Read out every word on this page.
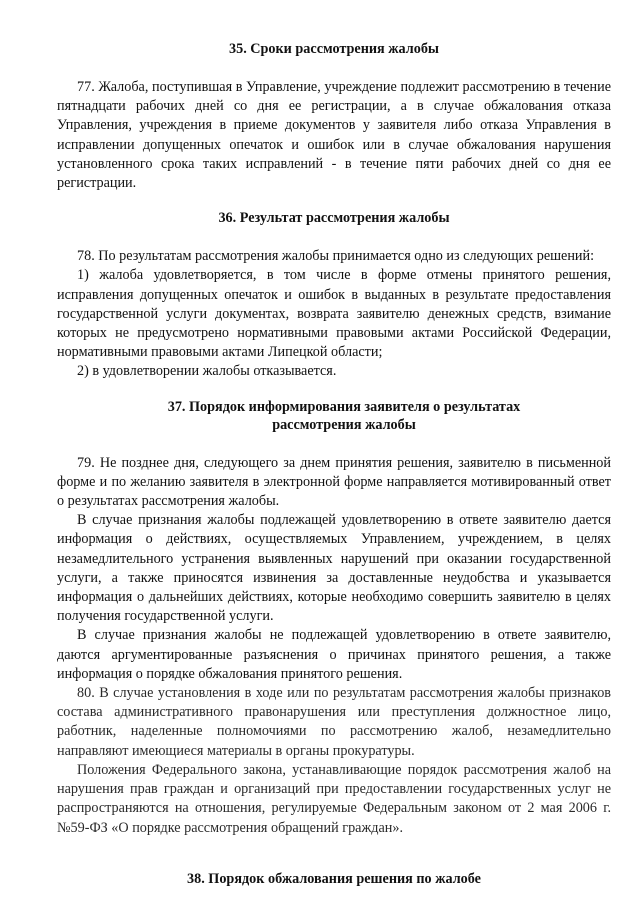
35. Сроки рассмотрения жалобы

77. Жалоба, поступившая в Управление, учреждение подлежит рассмотрению в течение пятнадцати рабочих дней со дня ее регистрации, а в случае обжалования отказа Управления, учреждения в приеме документов у заявителя либо отказа Управления в исправлении допущенных опечаток и ошибок или в случае обжалования нарушения установленного срока таких исправлений - в течение пяти рабочих дней со дня ее регистрации.

36. Результат рассмотрения жалобы

78. По результатам рассмотрения жалобы принимается одно из следующих решений:

1) жалоба удовлетворяется, в том числе в форме отмены принятого решения, исправления допущенных опечаток и ошибок в выданных в результате предоставления государственной услуги документах, возврата заявителю денежных средств, взимание которых не предусмотрено нормативными правовыми актами Российской Федерации, нормативными правовыми актами Липецкой области;

2) в удовлетворении жалобы отказывается.

37. Порядок информирования заявителя о результатах
рассмотрения жалобы

79. Не позднее дня, следующего за днем принятия решения, заявителю в письменной форме и по желанию заявителя в электронной форме направляется мотивированный ответ о результатах рассмотрения жалобы.

В случае признания жалобы подлежащей удовлетворению в ответе заявителю дается информация о действиях, осуществляемых Управлением, учреждением, в целях незамедлительного устранения выявленных нарушений при оказании государственной услуги, а также приносятся извинения за доставленные неудобства и указывается информация о дальнейших действиях, которые необходимо совершить заявителю в целях получения государственной услуги.

В случае признания жалобы не подлежащей удовлетворению в ответе заявителю, даются аргументированные разъяснения о причинах принятого решения, а также информация о порядке обжалования принятого решения.

80. В случае установления в ходе или по результатам рассмотрения жалобы признаков состава административного правонарушения или преступления должностное лицо, работник, наделенные полномочиями по рассмотрению жалоб, незамедлительно направляют имеющиеся материалы в органы прокуратуры.

Положения Федерального закона, устанавливающие порядок рассмотрения жалоб на нарушения прав граждан и организаций при предоставлении государственных услуг не распространяются на отношения, регулируемые Федеральным законом от 2 мая 2006 г. №59-ФЗ «О порядке рассмотрения обращений граждан».

38. Порядок обжалования решения по жалобе
